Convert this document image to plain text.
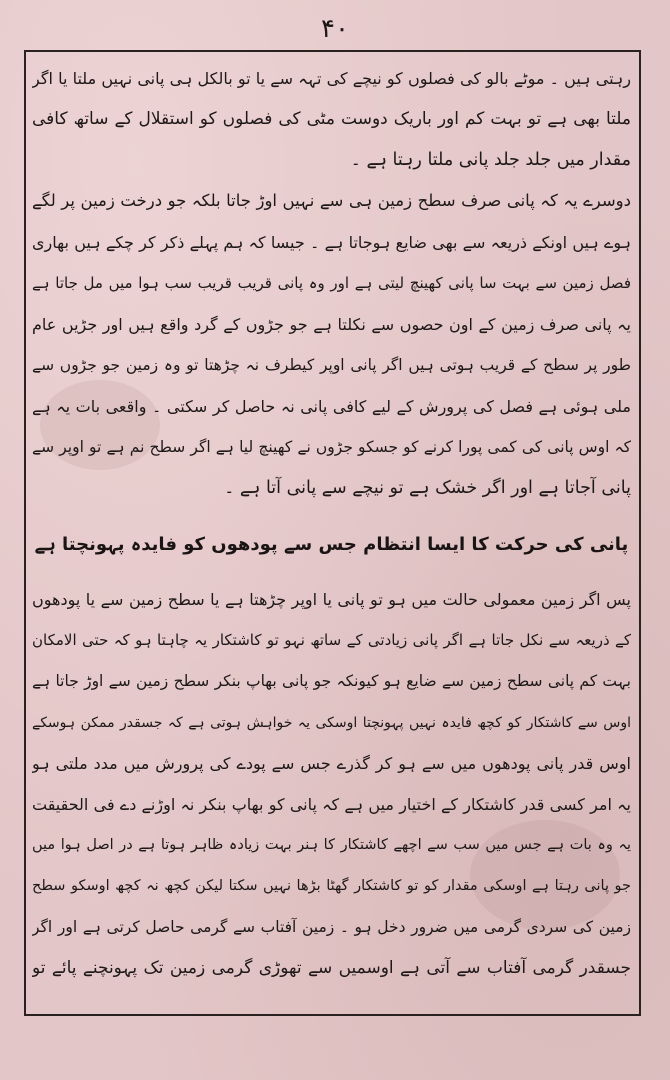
۴۰
رہتی ہیں ۔ موٹے بالو کی فصلوں کو نیچے کی تہہ سے یا تو بالکل ہی پانی نہیں ملتا یا اگر
ملتا بھی ہے تو بہت کم اور باریک دوست مٹی کی فصلوں کو استقلال کے ساتھ کافی
مقدار میں جلد جلد پانی ملتا رہتا ہے ۔
دوسرے یہ کہ پانی صرف سطح زمین ہی سے نہیں اوڑ جاتا بلکہ جو درخت زمین پر لگے
ہوے ہیں اونکے ذریعہ سے بھی ضایع ہوجاتا ہے ۔ جیسا کہ ہم پہلے ذکر کر چکے ہیں بھاری
فصل زمین سے بہت سا پانی کھینچ لیتی ہے اور وہ پانی قریب قریب سب ہوا میں مل جاتا ہے
یہ پانی صرف زمین کے اون حصوں سے نکلتا ہے جو جڑوں کے گرد واقع ہیں اور جڑیں عام
طور پر سطح کے قریب ہوتی ہیں اگر پانی اوپر کیطرف نہ چڑھتا تو وہ زمین جو جڑوں سے
ملی ہوئی ہے فصل کی پرورش کے لیے کافی پانی نہ حاصل کر سکتی ۔ واقعی بات یہ ہے
کہ اوس پانی کی کمی پورا کرنے کو جسکو جڑوں نے کھینچ لیا ہے اگر سطح نم ہے تو اوپر سے
پانی آجاتا ہے اور اگر خشک ہے تو نیچے سے پانی آتا ہے ۔
پانی کی حرکت کا ایسا انتظام جس سے پودھوں کو فایدہ پہونچتا ہے
پس اگر زمین معمولی حالت میں ہو تو پانی یا اوپر چڑھتا ہے یا سطح زمین سے یا پودھوں
کے ذریعہ سے نکل جاتا ہے اگر پانی زیادتی کے ساتھ نہو تو کاشتکار یہ چاہتا ہو کہ حتی الامکان
بہت کم پانی سطح زمین سے ضایع ہو کیونکہ جو پانی بھاپ بنکر سطح زمین سے اوڑ جاتا ہے
اوس سے کاشتکار کو کچھ فایدہ نہیں پہونچتا اوسکی یہ خواہش ہوتی ہے کہ جسقدر ممکن ہوسکے
اوس قدر پانی پودھوں میں سے ہو کر گذرے جس سے پودے کی پرورش میں مدد ملتی ہو
یہ امر کسی قدر کاشتکار کے اختیار میں ہے کہ پانی کو بھاپ بنکر نہ اوڑنے دے فی الحقیقت
یہ وہ بات ہے جس میں سب سے اچھے کاشتکار کا ہنر بہت زیادہ ظاہر ہوتا ہے در اصل ہوا میں
جو پانی رہتا ہے اوسکی مقدار کو تو کاشتکار گھٹا بڑھا نہیں سکتا لیکن کچھ نہ کچھ اوسکو سطح
زمین کی سردی گرمی میں ضرور دخل ہو ۔ زمین آفتاب سے گرمی حاصل کرتی ہے اور اگر
جسقدر گرمی آفتاب سے آتی ہے اوسمیں سے تھوڑی گرمی زمین تک پہونچنے پائے تو
